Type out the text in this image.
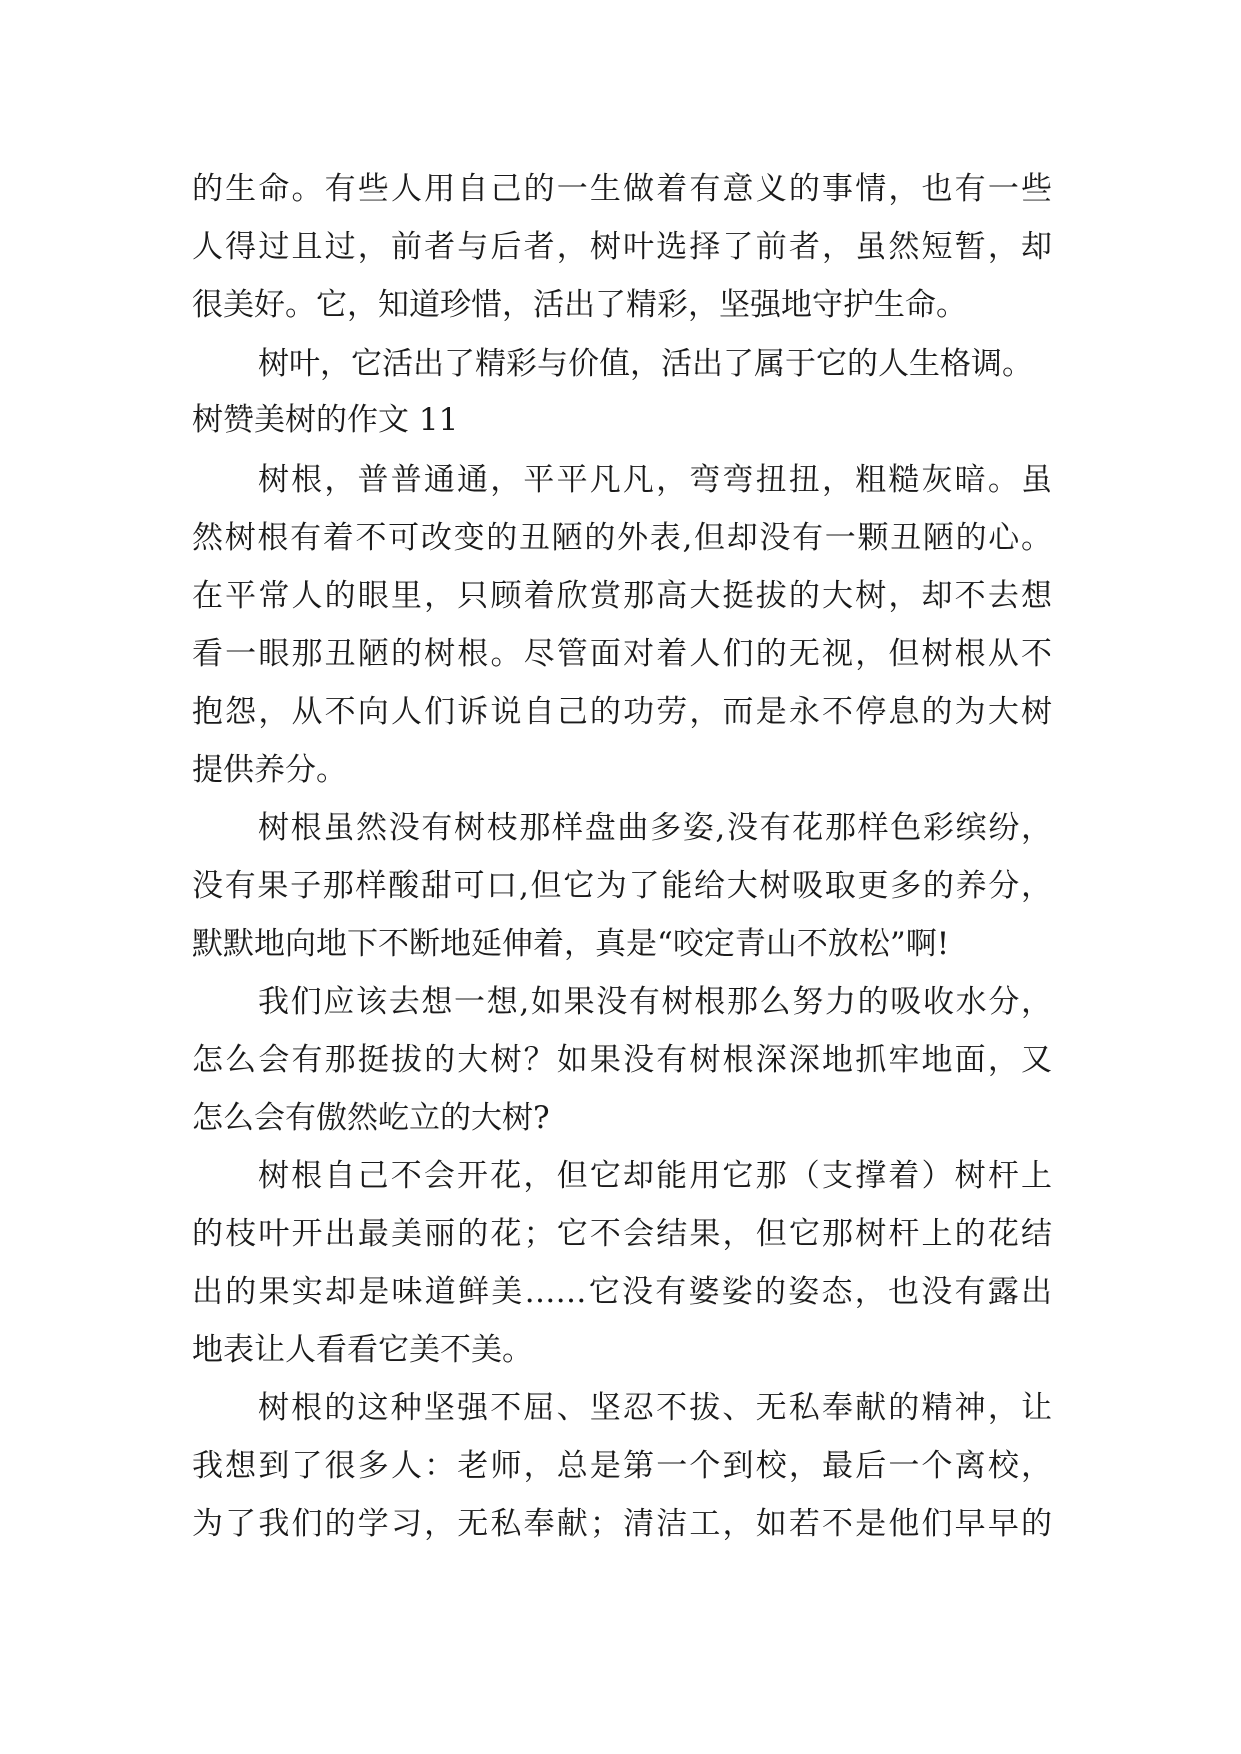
的生命。有些人用自己的一生做着有意义的事情，也有一些
人得过且过，前者与后者，树叶选择了前者，虽然短暂，却
很美好。它，知道珍惜，活出了精彩，坚强地守护生命。
树叶，它活出了精彩与价值，活出了属于它的人生格调。
树赞美树的作文 11
树根，普普通通，平平凡凡，弯弯扭扭，粗糙灰暗。虽
然树根有着不可改变的丑陋的外表,但却没有一颗丑陋的心。
在平常人的眼里，只顾着欣赏那高大挺拔的大树，却不去想
看一眼那丑陋的树根。尽管面对着人们的无视，但树根从不
抱怨，从不向人们诉说自己的功劳，而是永不停息的为大树
提供养分。
树根虽然没有树枝那样盘曲多姿,没有花那样色彩缤纷，
没有果子那样酸甜可口,但它为了能给大树吸取更多的养分，
默默地向地下不断地延伸着，真是“咬定青山不放松”啊!
我们应该去想一想,如果没有树根那么努力的吸收水分，
怎么会有那挺拔的大树？如果没有树根深深地抓牢地面，又
怎么会有傲然屹立的大树?
树根自己不会开花，但它却能用它那（支撑着）树杆上
的枝叶开出最美丽的花；它不会结果，但它那树杆上的花结
出的果实却是味道鲜美……它没有婆娑的姿态，也没有露出
地表让人看看它美不美。
树根的这种坚强不屈、坚忍不拔、无私奉献的精神，让
我想到了很多人：老师，总是第一个到校，最后一个离校，
为了我们的学习，无私奉献；清洁工，如若不是他们早早的
